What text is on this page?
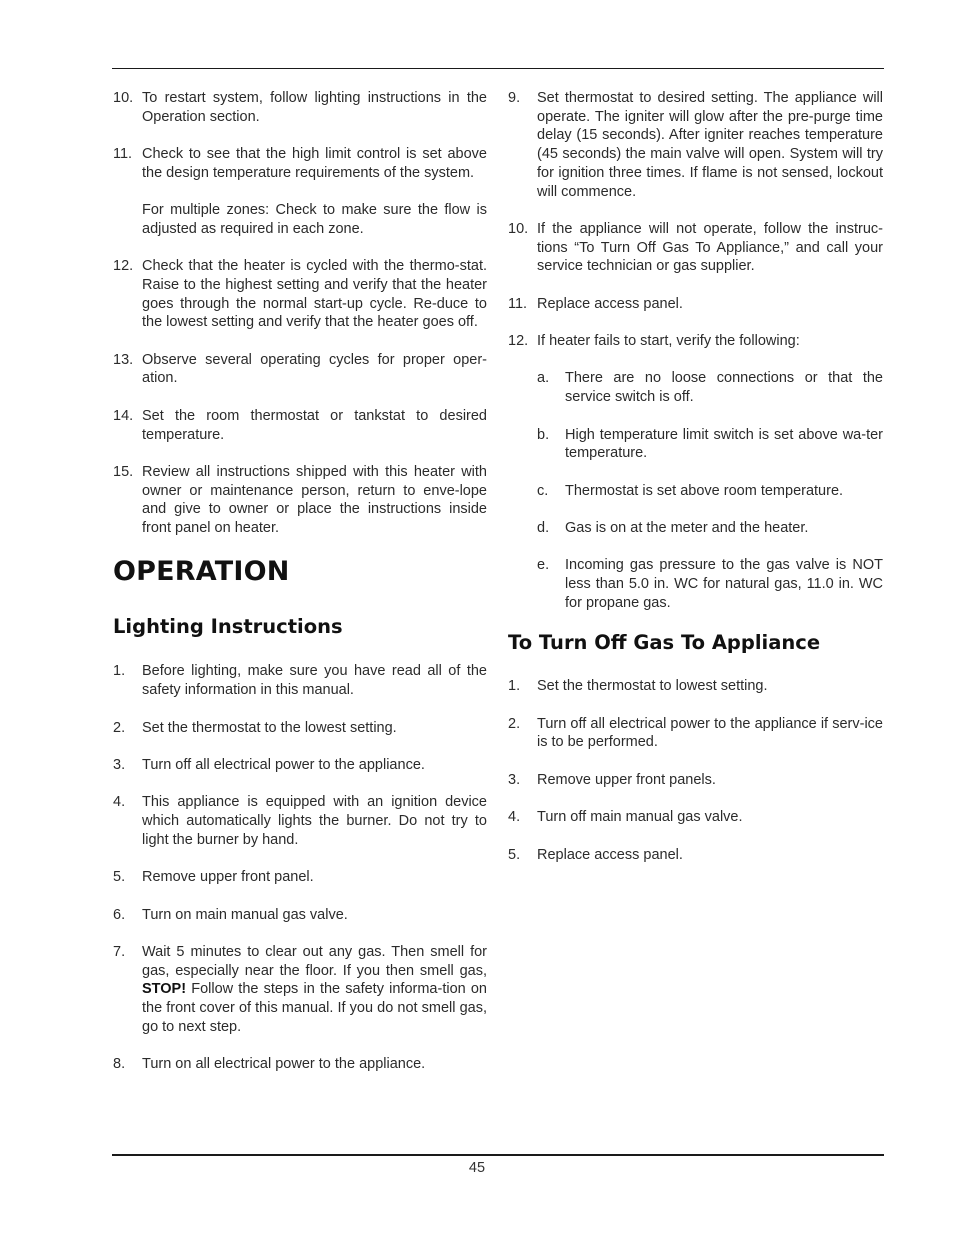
10. To restart system, follow lighting instructions in the Operation section.

11. Check to see that the high limit control is set above the design temperature requirements of the system.

For multiple zones: Check to make sure the flow is adjusted as required in each zone.

12. Check that the heater is cycled with the thermo-stat. Raise to the highest setting and verify that the heater goes through the normal start-up cycle. Re-duce to the lowest setting and verify that the heater goes off.

13. Observe several operating cycles for proper oper-ation.

14. Set the room thermostat or tankstat to desired temperature.

15. Review all instructions shipped with this heater with owner or maintenance person, return to enve-lope and give to owner or place the instructions inside front panel on heater.

OPERATION
Lighting Instructions
1. Before lighting, make sure you have read all of the safety information in this manual.

2. Set the thermostat to the lowest setting.

3. Turn off all electrical power to the appliance.

4. This appliance is equipped with an ignition device which automatically lights the burner. Do not try to light the burner by hand.

5. Remove upper front panel.

6. Turn on main manual gas valve.

7. Wait 5 minutes to clear out any gas. Then smell for gas, especially near the floor. If you then smell gas, STOP! Follow the steps in the safety informa-tion on the front cover of this manual. If you do not smell gas, go to next step.

8. Turn on all electrical power to the appliance.

9. Set thermostat to desired setting. The appliance will operate. The igniter will glow after the pre-purge time delay (15 seconds). After igniter reaches temperature (45 seconds) the main valve will open. System will try for ignition three times. If flame is not sensed, lockout will commence.

10. If the appliance will not operate, follow the instruc-tions “To Turn Off Gas To Appliance,” and call your service technician or gas supplier.

11. Replace access panel.

12. If heater fails to start, verify the following:

a. There are no loose connections or that the service switch is off.

b. High temperature limit switch is set above wa-ter temperature.

c. Thermostat is set above room temperature.

d. Gas is on at the meter and the heater.

e. Incoming gas pressure to the gas valve is NOT less than 5.0 in. WC for natural gas, 11.0 in. WC for propane gas.

To Turn Off Gas To Appliance
1. Set the thermostat to lowest setting.

2. Turn off all electrical power to the appliance if serv-ice is to be performed.

3. Remove upper front panels.

4. Turn off main manual gas valve.

5. Replace access panel.

45
